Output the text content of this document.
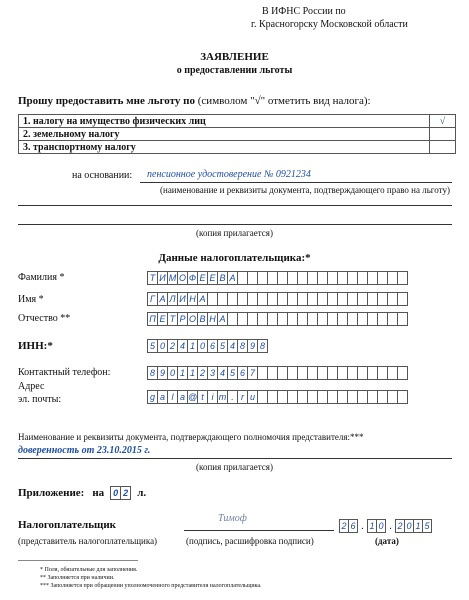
В ИФНС России по
г. Красногорску Московской области
ЗАЯВЛЕНИЕ
о предоставлении льготы
Прошу предоставить мне льготу по (символом "√" отметить вид налога):
1. налогу на имущество физических лиц	√
2. земельному налогу	
3. транспортному налогу	
на основании: пенсионное удостоверение № 0921234
(наименование и реквизиты документа, подтверждающего право на льготу)
(копия прилагается)
Данные налогоплательщика:*
Фамилия *	Т И М О Ф Е Е В А
Имя *	Г А Л И Н А
Отчество **	П Е Т Р О В Н А
ИНН:*	5 0 2 4 1 0 6 5 4 8 9 8
Контактный телефон:	8 9 0 1 1 2 3 4 5 6 7
Адрес
эл. почты:	g a l a @ t i m . r u
Наименование и реквизиты документа, подтверждающего полномочия представителя:***
доверенность от 23.10.2015 г.
(копия прилагается)
Приложение: на 0 2 л.
Налогоплательщик
(представитель налогоплательщика)
Тимоф
(подпись, расшифровка подписи)
2 6 . 1 0 . 2 0 1 5
(дата)
* Поля, обязательные для заполнения.
** Заполняется при наличии.
*** Заполняется при обращении уполномоченного представителя налогоплательщика.
